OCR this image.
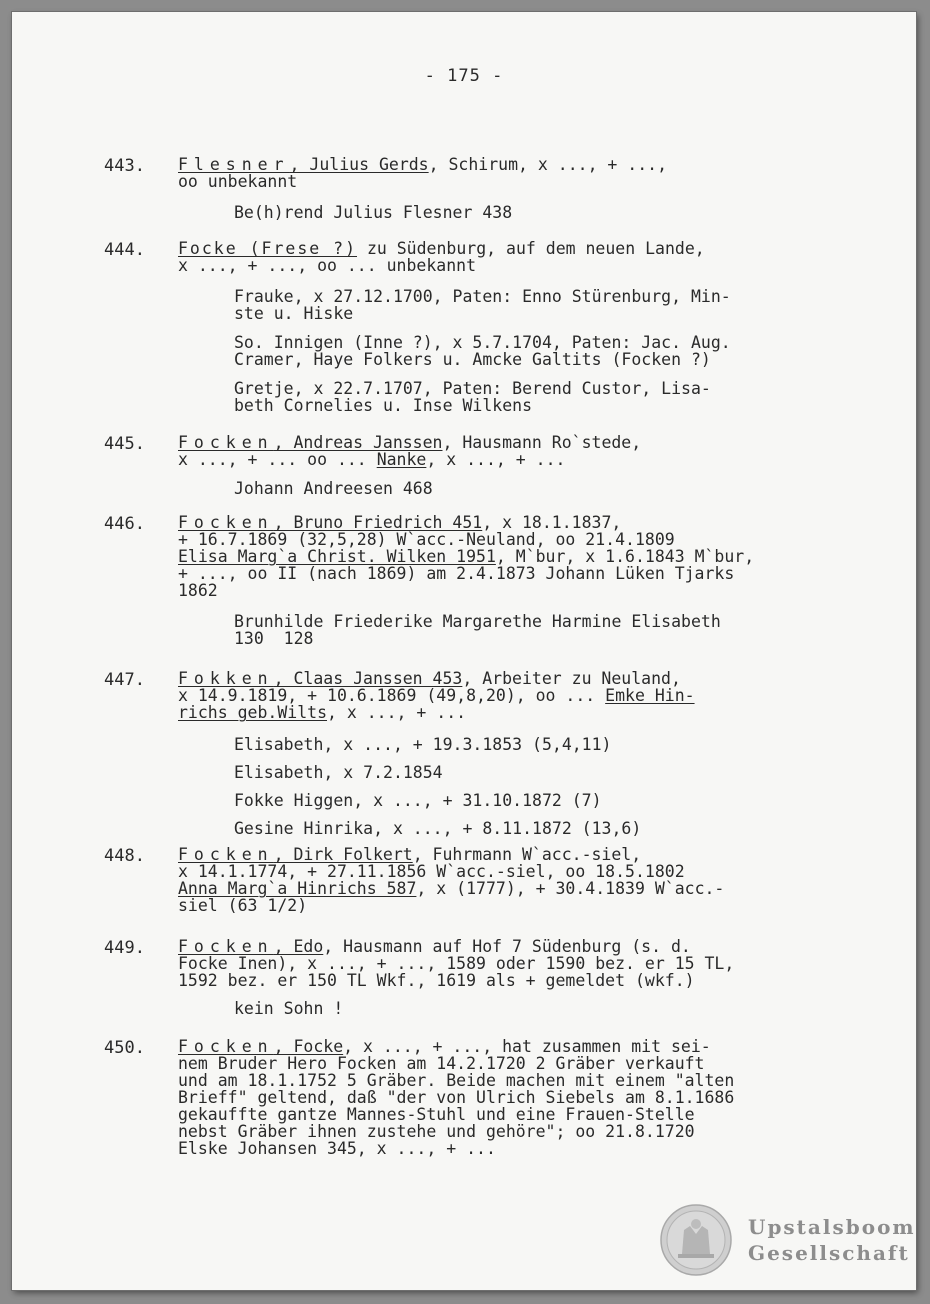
- 175 -
443. Flesner, Julius Gerds, Schirum, x ..., + ...,
oo unbekannt
Be(h)rend Julius Flesner 438
444. Focke (Frese ?) zu Südenburg, auf dem neuen Lande,
x ..., + ..., oo ... unbekannt
Frauke, x 27.12.1700, Paten: Enno Stürenburg, Min-
ste u. Hiske
So. Innigen (Inne ?), x 5.7.1704, Paten: Jac. Aug.
Cramer, Haye Folkers u. Amcke Galtits (Focken ?)
Gretje, x 22.7.1707, Paten: Berend Custor, Lisa-
beth Cornelies u. Inse Wilkens
445. Focken, Andreas Janssen, Hausmann Ro`stede,
x ..., + ... oo ... Nanke, x ..., + ...
Johann Andreesen 468
446. Focken, Bruno Friedrich 451, x 18.1.1837,
+ 16.7.1869 (32,5,28) W`acc.-Neuland, oo 21.4.1809
Elisa Marg`a Christ. Wilken 1951, M`bur, x 1.6.1843 M`bur,
+ ..., oo II (nach 1869) am 2.4.1873 Johann Lüken Tjarks
1862
Brunhilde Friederike Margarethe Harmine Elisabeth
130  128
447. Fokken, Claas Janssen 453, Arbeiter zu Neuland,
x 14.9.1819, + 10.6.1869 (49,8,20), oo ... Emke Hin-
richs geb.Wilts, x ..., + ...
Elisabeth, x ..., + 19.3.1853 (5,4,11)
Elisabeth, x 7.2.1854
Fokke Higgen, x ..., + 31.10.1872 (7)
Gesine Hinrika, x ..., + 8.11.1872 (13,6)
448. Focken, Dirk Folkert, Fuhrmann W`acc.-siel,
x 14.1.1774, + 27.11.1856 W`acc.-siel, oo 18.5.1802
Anna Marg`a Hinrichs 587, x (1777), + 30.4.1839 W`acc.-
siel (63 1/2)
449. Focken, Edo, Hausmann auf Hof 7 Südenburg (s. d.
Focke Inen), x ..., + ..., 1589 oder 1590 bez. er 15 TL,
1592 bez. er 150 TL Wkf., 1619 als + gemeldet (wkf.)
kein Sohn !
450. Focken, Focke, x ..., + ..., hat zusammen mit sei-
nem Bruder Hero Focken am 14.2.1720 2 Gräber verkauft
und am 18.1.1752 5 Gräber. Beide machen mit einem "alten
Brieff" geltend, daß "der von Ulrich Siebels am 8.1.1686
gekauffte gantze Mannes-Stuhl und eine Frauen-Stelle
nebst Gräber ihnen zustehe und gehöre"; oo 21.8.1720
Elske Johansen 345, x ..., + ...
Upstalsboom
Gesellschaft
